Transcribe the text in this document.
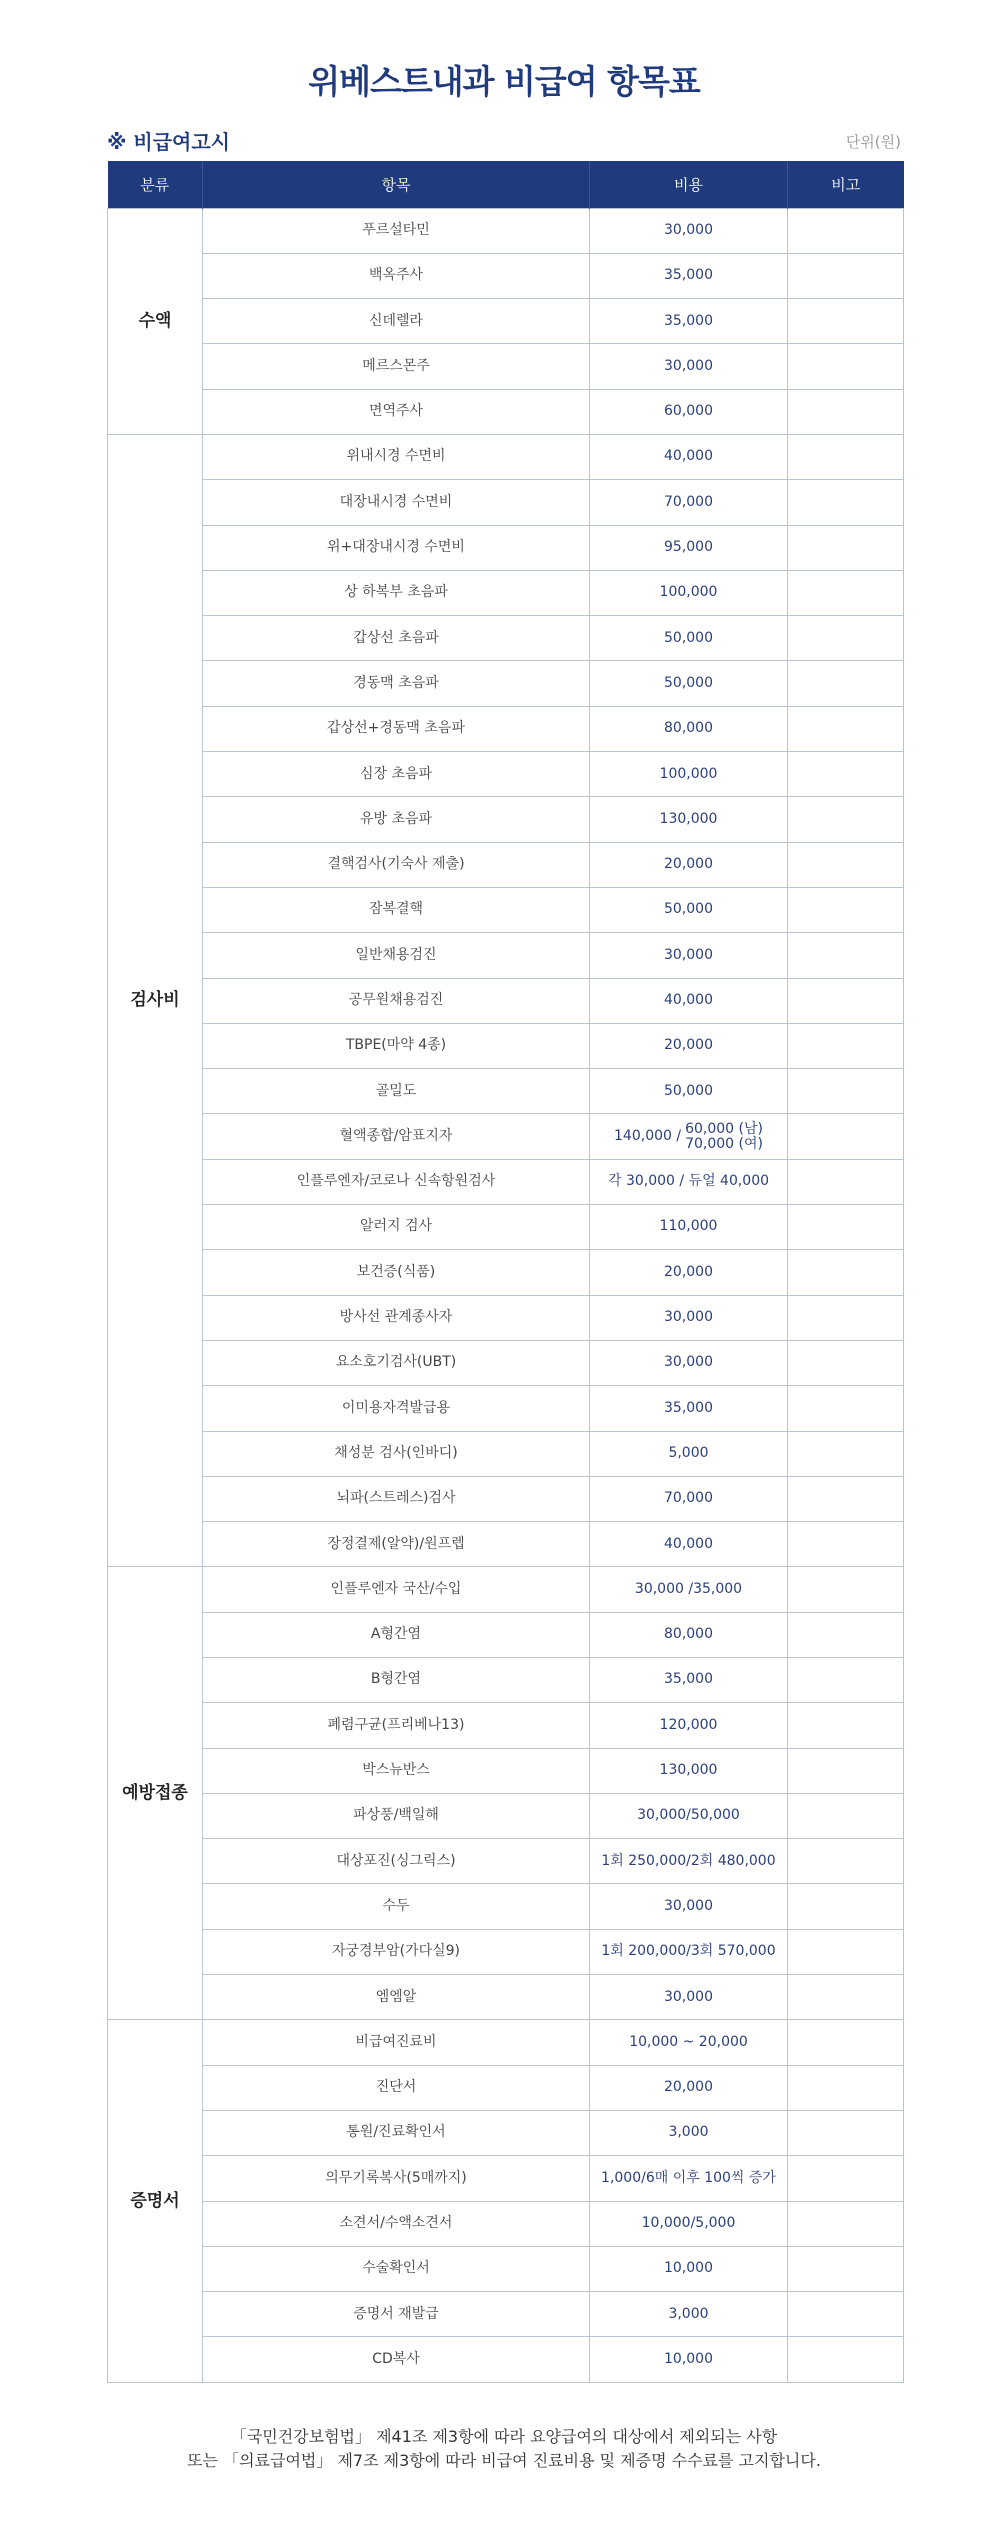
위베스트내과 비급여 항목표
※ 비급여고시	단위(원)
분류	항목	비용	비고
수액	푸르설타민	30,000	
	백옥주사	35,000	
	신데렐라	35,000	
	메르스몬주	30,000	
	면역주사	60,000	
검사비	위내시경 수면비	40,000	
	대장내시경 수면비	70,000	
	위+대장내시경 수면비	95,000	
	상 하복부 초음파	100,000	
	갑상선 초음파	50,000	
	경동맥 초음파	50,000	
	갑상선+경동맥 초음파	80,000	
	심장 초음파	100,000	
	유방 초음파	130,000	
	결핵검사(기숙사 제출)	20,000	
	잠복결핵	50,000	
	일반채용검진	30,000	
	공무원채용검진	40,000	
	TBPE(마약 4종)	20,000	
	골밀도	50,000	
	혈액종합/암표지자	140,000 / 60,000 (남)
70,000 (여)	

	인플루엔자/코로나 신속항원검사	각 30,000 / 듀얼 40,000	
	알러지 검사	110,000	
	보건증(식품)	20,000	
	방사선 관계종사자	30,000	
	요소호기검사(UBT)	30,000	
	이미용자격발급용	35,000	
	채성분 검사(인바디)	5,000	
	뇌파(스트레스)검사	70,000	
	장정결제(알약)/원프렙	40,000	
예방접종	인플루엔자 국산/수입	30,000 /35,000	
	A형간염	80,000	
	B형간염	35,000	
	폐렴구균(프리베나13)	120,000	
	박스뉴반스	130,000	
	파상풍/백일해	30,000/50,000	
	대상포진(싱그릭스)	1회 250,000/2회 480,000	
	수두	30,000	
	자궁경부암(가다실9)	1회 200,000/3회 570,000	
	엠엠알	30,000	
증명서	비급여진료비	10,000 ~ 20,000	
	진단서	20,000	
	통원/진료확인서	3,000	
	의무기록복사(5매까지)	1,000/6매 이후 100씩 증가	
	소견서/수액소견서	10,000/5,000	
	수술확인서	10,000	
	증명서 재발급	3,000	
	CD복사	10,000	
「국민건강보험법」 제41조 제3항에 따라 요양급여의 대상에서 제외되는 사항
또는 「의료급여법」 제7조 제3항에 따라 비급여 진료비용 및 제증명 수수료를 고지합니다.
